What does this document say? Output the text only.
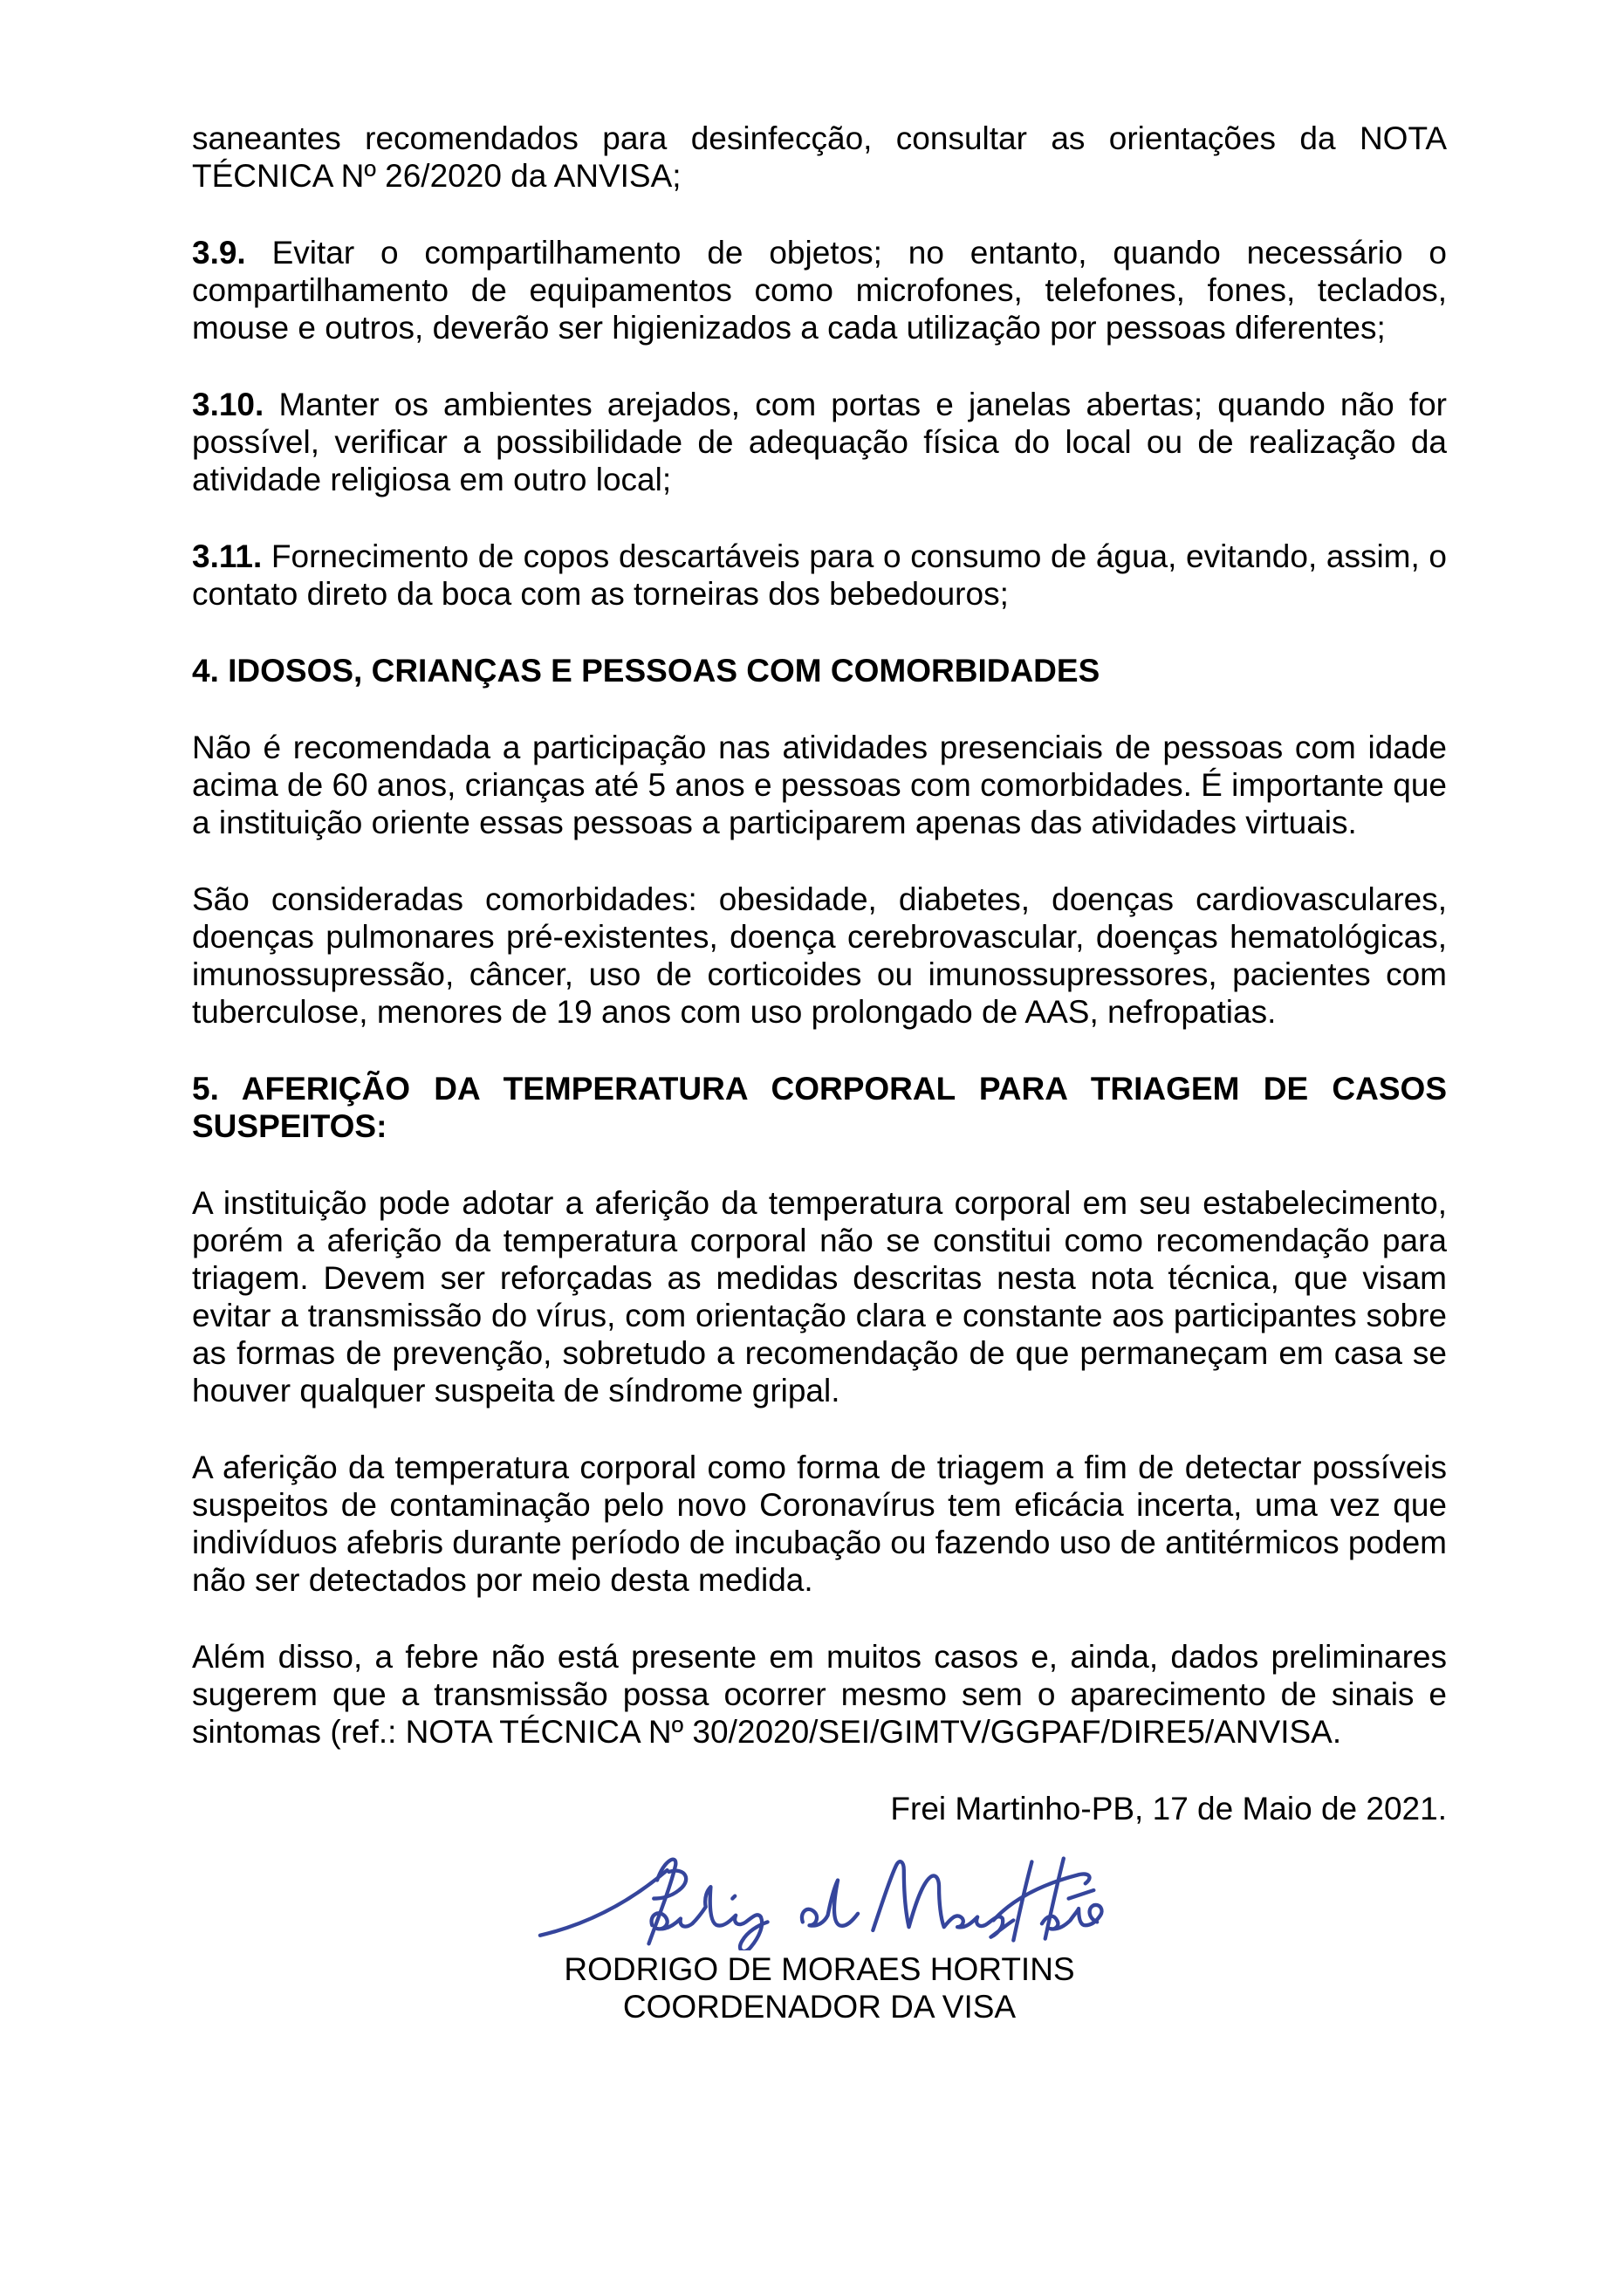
saneantes recomendados para desinfecção, consultar as orientações da NOTA TÉCNICA Nº 26/2020 da ANVISA;

3.9. Evitar o compartilhamento de objetos; no entanto, quando necessário o compartilhamento de equipamentos como microfones, telefones, fones, teclados, mouse e outros, deverão ser higienizados a cada utilização por pessoas diferentes;

3.10. Manter os ambientes arejados, com portas e janelas abertas; quando não for possível, verificar a possibilidade de adequação física do local ou de realização da atividade religiosa em outro local;

3.11. Fornecimento de copos descartáveis para o consumo de água, evitando, assim, o contato direto da boca com as torneiras dos bebedouros;

4. IDOSOS, CRIANÇAS E PESSOAS COM COMORBIDADES

Não é recomendada a participação nas atividades presenciais de pessoas com idade acima de 60 anos, crianças até 5 anos e pessoas com comorbidades. É importante que a instituição oriente essas pessoas a participarem apenas das atividades virtuais.

São consideradas comorbidades: obesidade, diabetes, doenças cardiovasculares, doenças pulmonares pré-existentes, doença cerebrovascular, doenças hematológicas, imunossupressão, câncer, uso de corticoides ou imunossupressores, pacientes com tuberculose, menores de 19 anos com uso prolongado de AAS, nefropatias.

5. AFERIÇÃO DA TEMPERATURA CORPORAL PARA TRIAGEM DE CASOS SUSPEITOS:

A instituição pode adotar a aferição da temperatura corporal em seu estabelecimento, porém a aferição da temperatura corporal não se constitui como recomendação para triagem. Devem ser reforçadas as medidas descritas nesta nota técnica, que visam evitar a transmissão do vírus, com orientação clara e constante aos participantes sobre as formas de prevenção, sobretudo a recomendação de que permaneçam em casa se houver qualquer suspeita de síndrome gripal.

A aferição da temperatura corporal como forma de triagem a fim de detectar possíveis suspeitos de contaminação pelo novo Coronavírus tem eficácia incerta, uma vez que indivíduos afebris durante período de incubação ou fazendo uso de antitérmicos podem não ser detectados por meio desta medida.

Além disso, a febre não está presente em muitos casos e, ainda, dados preliminares sugerem que a transmissão possa ocorrer mesmo sem o aparecimento de sinais e sintomas (ref.: NOTA TÉCNICA Nº 30/2020/SEI/GIMTV/GGPAF/DIRE5/ANVISA.

Frei Martinho-PB, 17 de Maio de 2021.

RODRIGO DE MORAES HORTINS
COORDENADOR DA VISA
